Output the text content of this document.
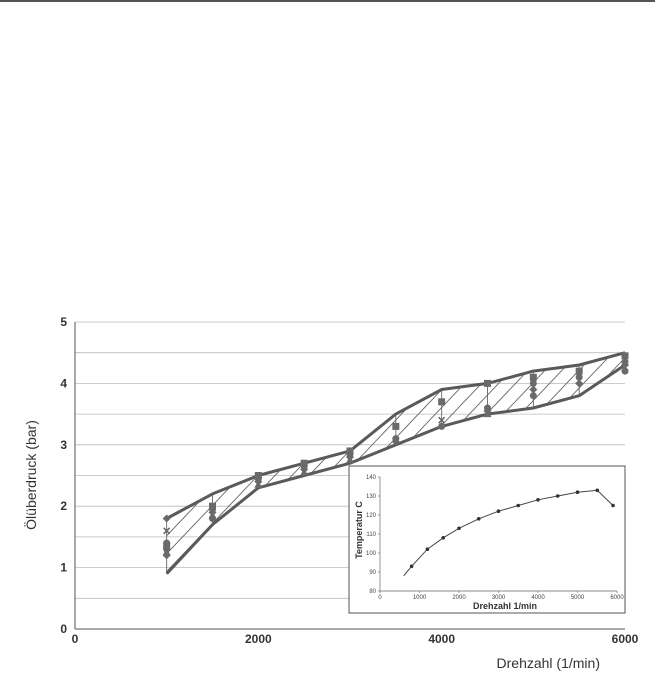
0
1
2
3
4
5
0	2000	4000	6000
Drehzahl (1/min)
Ölüberdruck (bar)
80
90
100
110
120
130
140
0	1000	2000	3000	4000	5000	6000
Drehzahl 1/min
Temperatur C
